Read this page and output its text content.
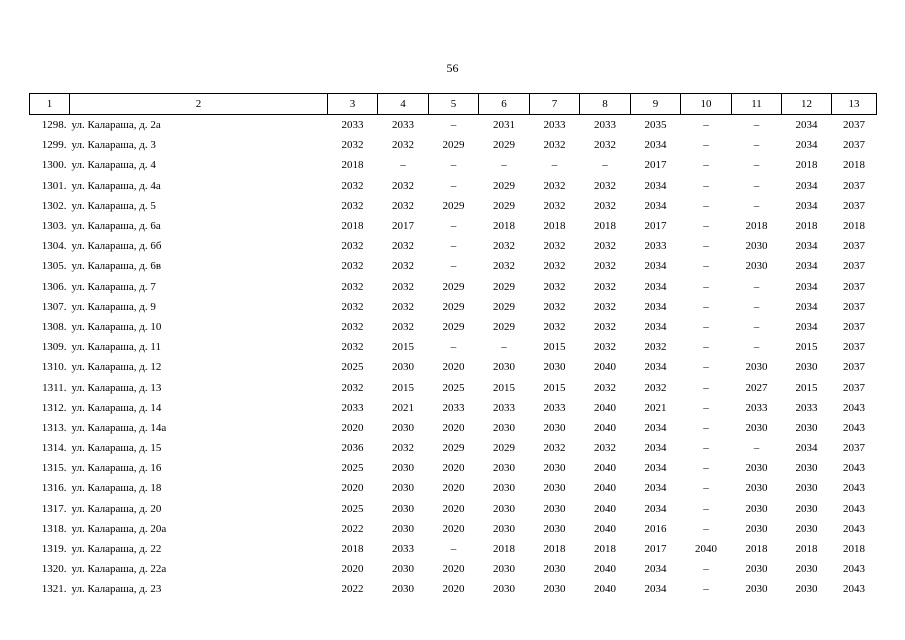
56
1	2	3	4	5	6	7	8	9	10	11	12	13
1298.	ул. Калараша, д. 2а	2033	2033	–	2031	2033	2033	2035	–	–	2034	2037
1299.	ул. Калараша, д. 3	2032	2032	2029	2029	2032	2032	2034	–	–	2034	2037
1300.	ул. Калараша, д. 4	2018	–	–	–	–	–	2017	–	–	2018	2018
1301.	ул. Калараша, д. 4а	2032	2032	–	2029	2032	2032	2034	–	–	2034	2037
1302.	ул. Калараша, д. 5	2032	2032	2029	2029	2032	2032	2034	–	–	2034	2037
1303.	ул. Калараша, д. 6а	2018	2017	–	2018	2018	2018	2017	–	2018	2018	2018
1304.	ул. Калараша, д. 6б	2032	2032	–	2032	2032	2032	2033	–	2030	2034	2037
1305.	ул. Калараша, д. 6в	2032	2032	–	2032	2032	2032	2034	–	2030	2034	2037
1306.	ул. Калараша, д. 7	2032	2032	2029	2029	2032	2032	2034	–	–	2034	2037
1307.	ул. Калараша, д. 9	2032	2032	2029	2029	2032	2032	2034	–	–	2034	2037
1308.	ул. Калараша, д. 10	2032	2032	2029	2029	2032	2032	2034	–	–	2034	2037
1309.	ул. Калараша, д. 11	2032	2015	–	–	2015	2032	2032	–	–	2015	2037
1310.	ул. Калараша, д. 12	2025	2030	2020	2030	2030	2040	2034	–	2030	2030	2037
1311.	ул. Калараша, д. 13	2032	2015	2025	2015	2015	2032	2032	–	2027	2015	2037
1312.	ул. Калараша, д. 14	2033	2021	2033	2033	2033	2040	2021	–	2033	2033	2043
1313.	ул. Калараша, д. 14а	2020	2030	2020	2030	2030	2040	2034	–	2030	2030	2043
1314.	ул. Калараша, д. 15	2036	2032	2029	2029	2032	2032	2034	–	–	2034	2037
1315.	ул. Калараша, д. 16	2025	2030	2020	2030	2030	2040	2034	–	2030	2030	2043
1316.	ул. Калараша, д. 18	2020	2030	2020	2030	2030	2040	2034	–	2030	2030	2043
1317.	ул. Калараша, д. 20	2025	2030	2020	2030	2030	2040	2034	–	2030	2030	2043
1318.	ул. Калараша, д. 20а	2022	2030	2020	2030	2030	2040	2016	–	2030	2030	2043
1319.	ул. Калараша, д. 22	2018	2033	–	2018	2018	2018	2017	2040	2018	2018	2018
1320.	ул. Калараша, д. 22а	2020	2030	2020	2030	2030	2040	2034	–	2030	2030	2043
1321.	ул. Калараша, д. 23	2022	2030	2020	2030	2030	2040	2034	–	2030	2030	2043
